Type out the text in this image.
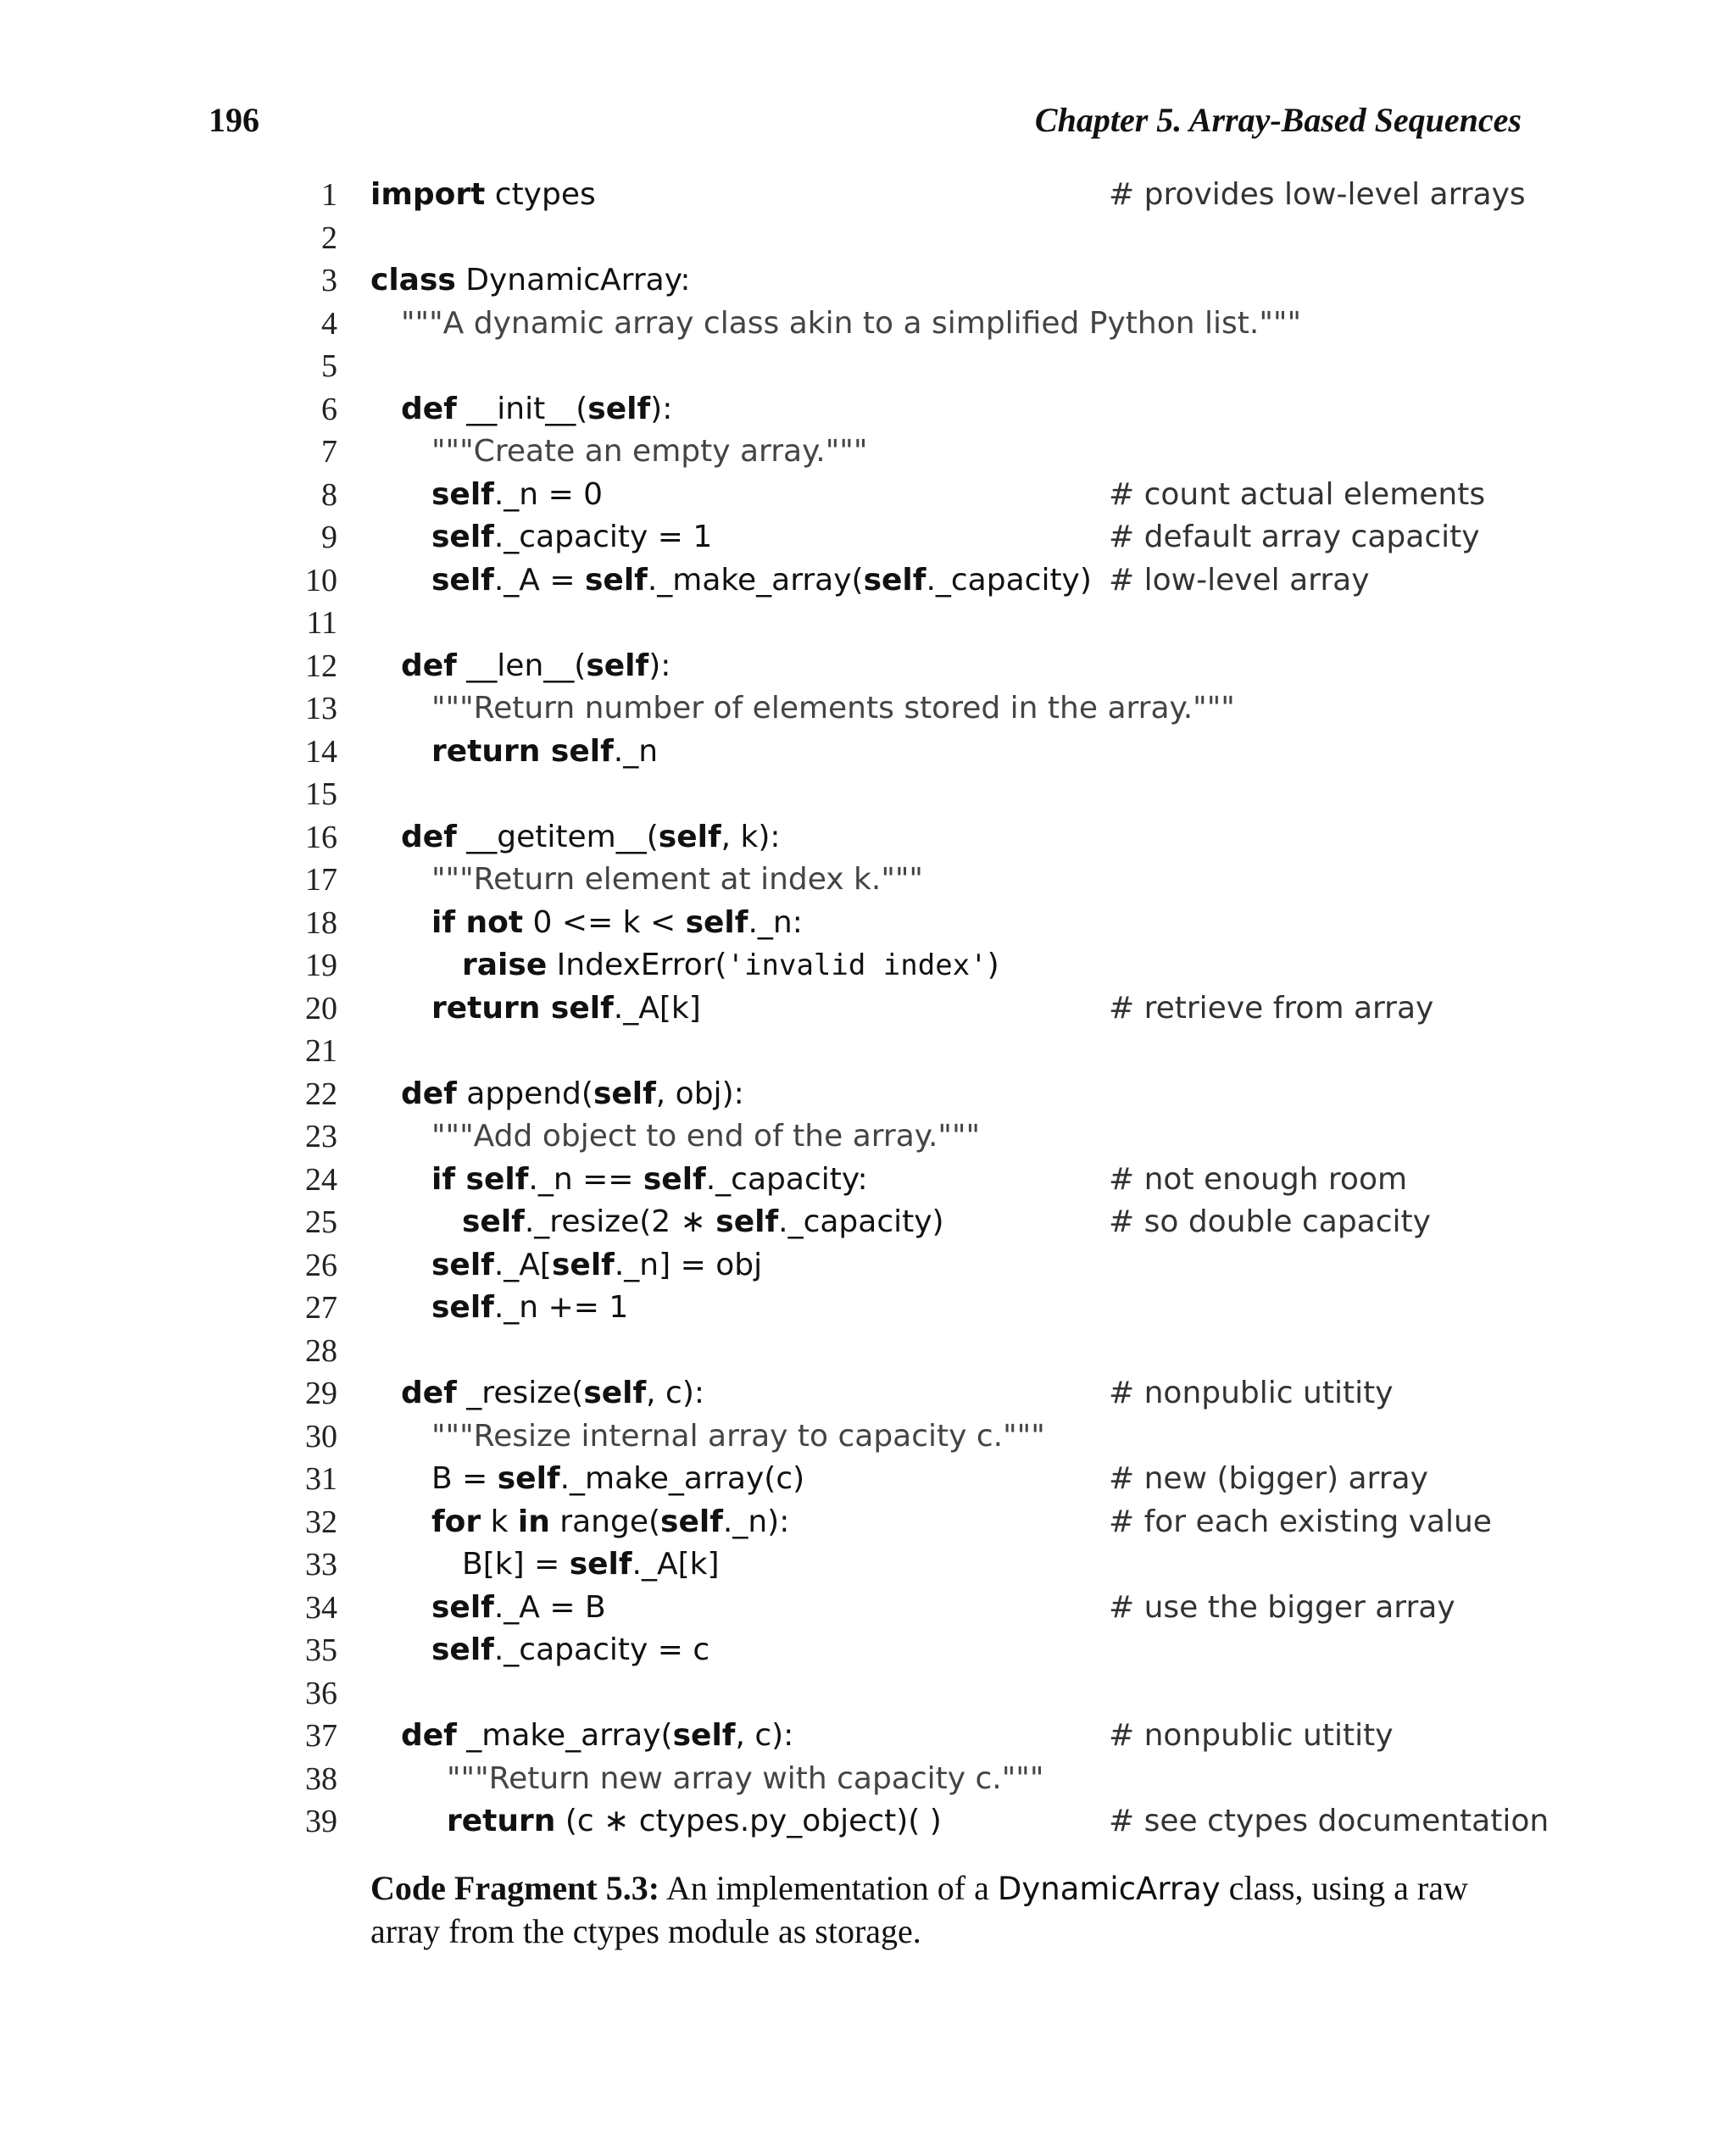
196	Chapter 5. Array-Based Sequences
1 import ctypes	# provides low-level arrays
2
3 class DynamicArray:
4	"""A dynamic array class akin to a simplified Python list."""
5
6	def __init__(self):
7	"""Create an empty array."""
8	self._n = 0	# count actual elements
9	self._capacity = 1	# default array capacity
10	self._A = self._make_array(self._capacity) # low-level array
11
12	def __len__(self):
13	"""Return number of elements stored in the array."""
14	return self._n
15
16	def __getitem__(self, k):
17	"""Return element at index k."""
18	if not 0 <= k < self._n:
19	raise IndexError('invalid index')
20	return self._A[k]	# retrieve from array
21
22	def append(self, obj):
23	"""Add object to end of the array."""
24	if self._n == self._capacity:	# not enough room
25	self._resize(2 ∗ self._capacity)	# so double capacity
26	self._A[self._n] = obj
27	self._n += 1
28
29	def _resize(self, c):	# nonpublic utitity
30	"""Resize internal array to capacity c."""
31	B = self._make_array(c)	# new (bigger) array
32	for k in range(self._n):	# for each existing value
33	B[k] = self._A[k]
34	self._A = B	# use the bigger array
35	self._capacity = c
36
37	def _make_array(self, c):	# nonpublic utitity
38	"""Return new array with capacity c."""
39	return (c ∗ ctypes.py_object)( )	# see ctypes documentation
Code Fragment 5.3: An implementation of a DynamicArray class, using a raw array from the ctypes module as storage.
